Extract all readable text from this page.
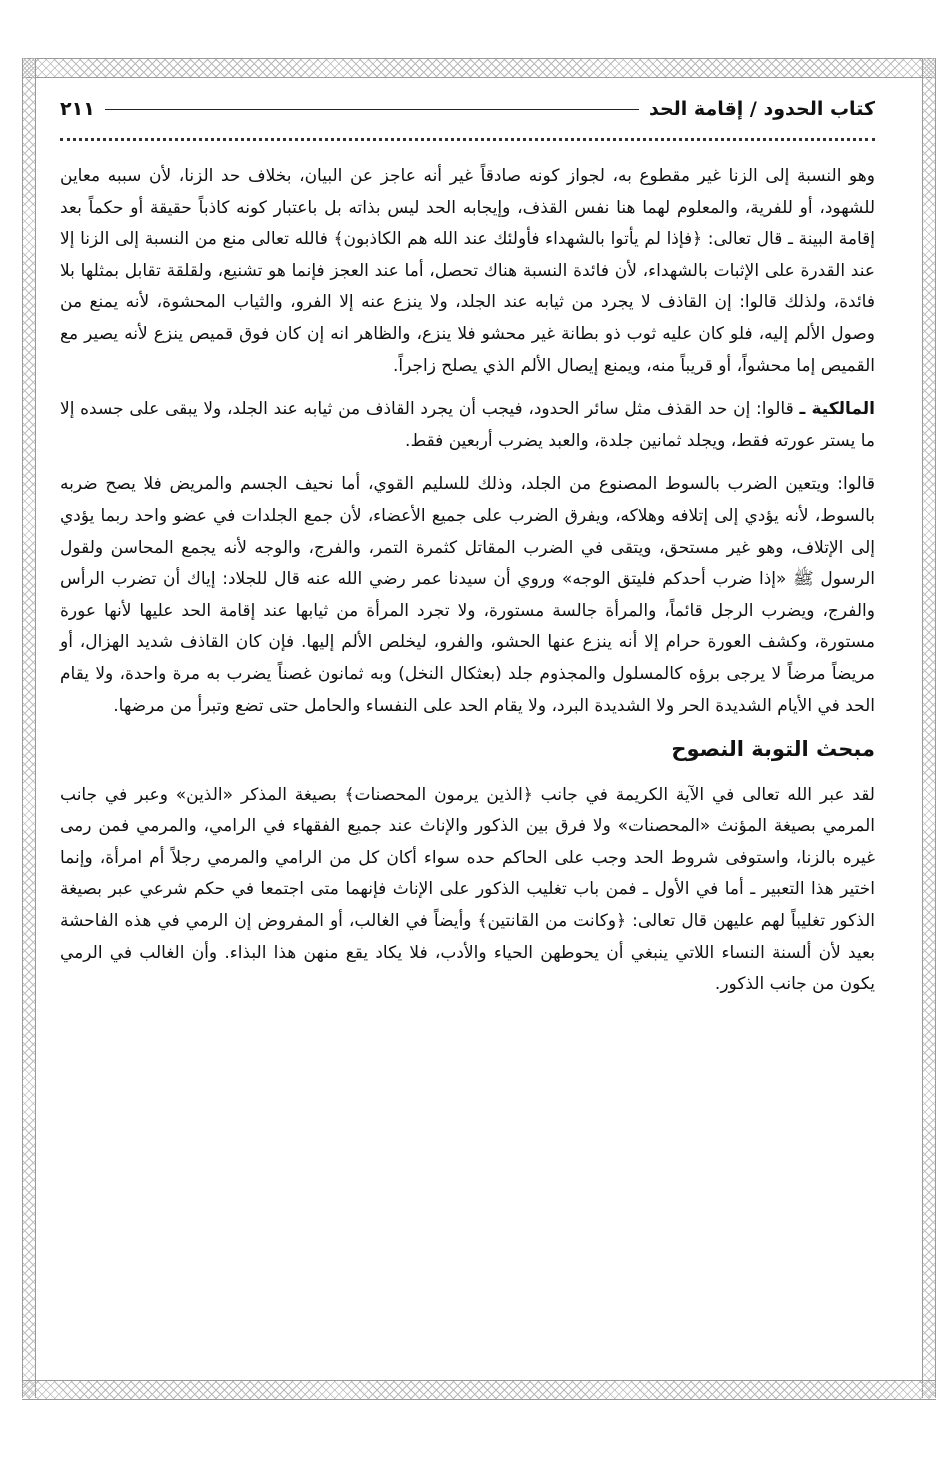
كتاب الحدود / إقامة الحد
٢١١

وهو النسبة إلى الزنا غير مقطوع به، لجواز كونه صادقاً غير أنه عاجز عن البيان، بخلاف حد الزنا، لأن سببه معاين للشهود، أو للفرية، والمعلوم لهما هنا نفس القذف، وإيجابه الحد ليس بذاته بل باعتبار كونه كاذباً حقيقة أو حكماً بعد إقامة البينة ـ قال تعالى: ﴿فإذا لم يأتوا بالشهداء فأولئك عند الله هم الكاذبون﴾ فالله تعالى منع من النسبة إلى الزنا إلا عند القدرة على الإثبات بالشهداء، لأن فائدة النسبة هناك تحصل، أما عند العجز فإنما هو تشنيع، ولقلقة تقابل بمثلها بلا فائدة، ولذلك قالوا: إن القاذف لا يجرد من ثيابه عند الجلد، ولا ينزع عنه إلا الفرو، والثياب المحشوة، لأنه يمنع من وصول الألم إليه، فلو كان عليه ثوب ذو بطانة غير محشو فلا ينزع، والظاهر انه إن كان فوق قميص ينزع لأنه يصير مع القميص إما محشواً، أو قريباً منه، ويمنع إيصال الألم الذي يصلح زاجراً.

المالكية ـ قالوا: إن حد القذف مثل سائر الحدود، فيجب أن يجرد القاذف من ثيابه عند الجلد، ولا يبقى على جسده إلا ما يستر عورته فقط، ويجلد ثمانين جلدة، والعبد يضرب أربعين فقط.

قالوا: ويتعين الضرب بالسوط المصنوع من الجلد، وذلك للسليم القوي، أما نحيف الجسم والمريض فلا يصح ضربه بالسوط، لأنه يؤدي إلى إتلافه وهلاكه، ويفرق الضرب على جميع الأعضاء، لأن جمع الجلدات في عضو واحد ربما يؤدي إلى الإتلاف، وهو غير مستحق، ويتقى في الضرب المقاتل كثمرة التمر، والفرج، والوجه لأنه يجمع المحاسن ولقول الرسول ﷺ «إذا ضرب أحدكم فليتق الوجه» وروي أن سيدنا عمر رضي الله عنه قال للجلاد: إياك أن تضرب الرأس والفرج، ويضرب الرجل قائماً، والمرأة جالسة مستورة، ولا تجرد المرأة من ثيابها عند إقامة الحد عليها لأنها عورة مستورة، وكشف العورة حرام إلا أنه ينزع عنها الحشو، والفرو، ليخلص الألم إليها. فإن كان القاذف شديد الهزال، أو مريضاً مرضاً لا يرجى برؤه كالمسلول والمجذوم جلد (بعثكال النخل) وبه ثمانون غصناً يضرب به مرة واحدة، ولا يقام الحد في الأيام الشديدة الحر ولا الشديدة البرد، ولا يقام الحد على النفساء والحامل حتى تضع وتبرأ من مرضها.

مبحث التوبة النصوح

لقد عبر الله تعالى في الآية الكريمة في جانب ﴿الذين يرمون المحصنات﴾ بصيغة المذكر «الذين» وعبر في جانب المرمي بصيغة المؤنث «المحصنات» ولا فرق بين الذكور والإناث عند جميع الفقهاء في الرامي، والمرمي فمن رمى غيره بالزنا، واستوفى شروط الحد وجب على الحاكم حده سواء أكان كل من الرامي والمرمي رجلاً أم امرأة، وإنما اختير هذا التعبير ـ أما في الأول ـ فمن باب تغليب الذكور على الإناث فإنهما متى اجتمعا في حكم شرعي عبر بصيغة الذكور تغليباً لهم عليهن قال تعالى: ﴿وكانت من القانتين﴾ وأيضاً في الغالب، أو المفروض إن الرمي في هذه الفاحشة بعيد لأن ألسنة النساء اللاتي ينبغي أن يحوطهن الحياء والأدب، فلا يكاد يقع منهن هذا البذاء. وأن الغالب في الرمي يكون من جانب الذكور.
